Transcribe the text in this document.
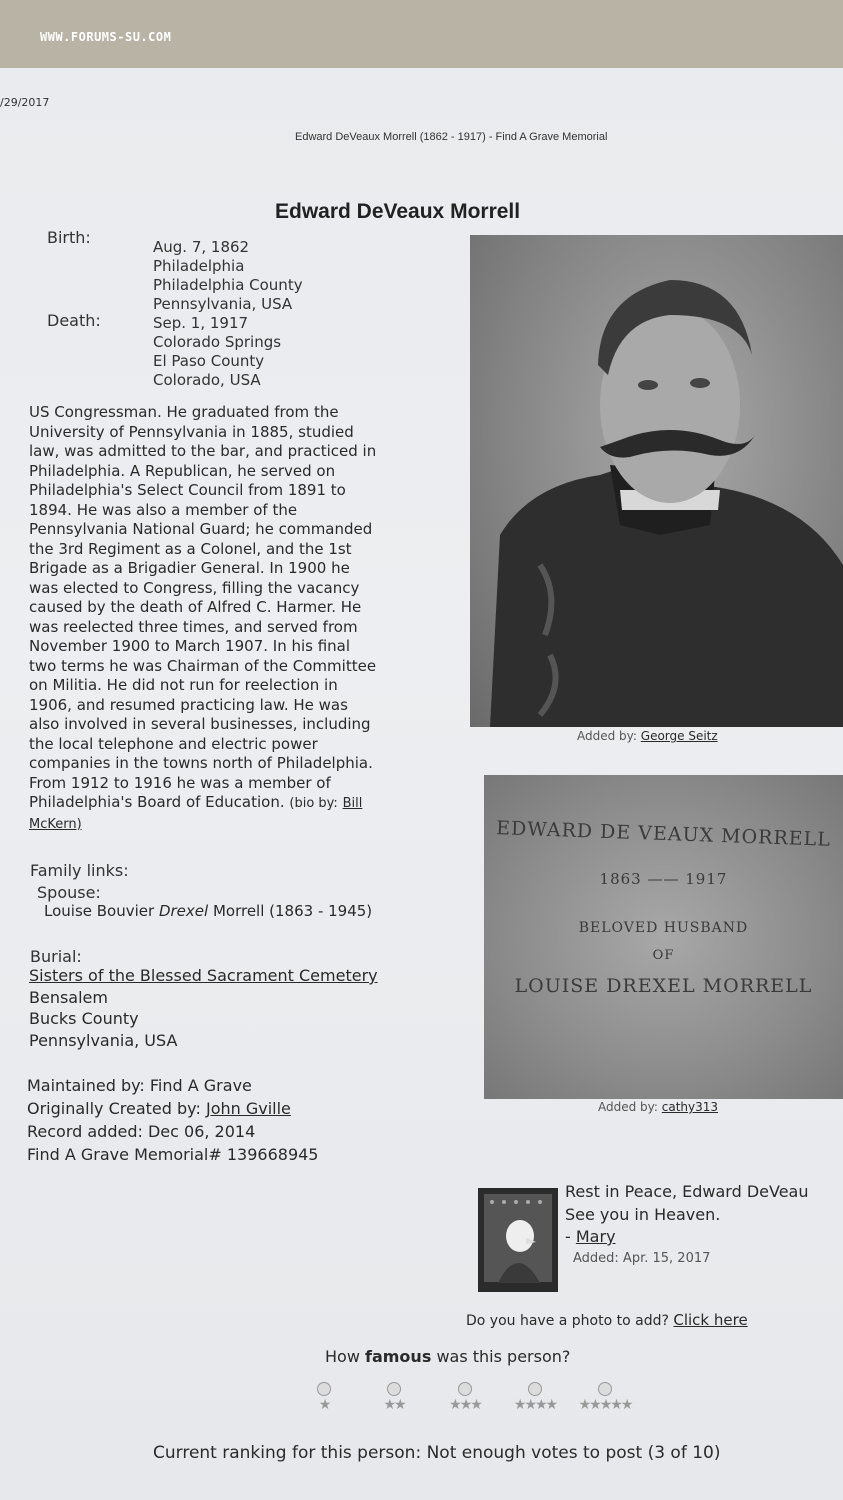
WWW.FORUMS-SU.COM
/29/2017
Edward DeVeaux Morrell (1862 - 1917) - Find A Grave Memorial
Edward DeVeaux Morrell
Birth:	Aug. 7, 1862
Philadelphia
Philadelphia County
Pennsylvania, USA
Death:	Sep. 1, 1917
Colorado Springs
El Paso County
Colorado, USA
US Congressman. He graduated from the
University of Pennsylvania in 1885, studied
law, was admitted to the bar, and practiced in
Philadelphia. A Republican, he served on
Philadelphia's Select Council from 1891 to
1894. He was also a member of the
Pennsylvania National Guard; he commanded
the 3rd Regiment as a Colonel, and the 1st
Brigade as a Brigadier General. In 1900 he
was elected to Congress, filling the vacancy
caused by the death of Alfred C. Harmer. He
was reelected three times, and served from
November 1900 to March 1907. In his final
two terms he was Chairman of the Committee
on Militia. He did not run for reelection in
1906, and resumed practicing law. He was
also involved in several businesses, including
the local telephone and electric power
companies in the towns north of Philadelphia.
From 1912 to 1916 he was a member of
Philadelphia's Board of Education. (bio by: Bill
McKern)
Family links:
Spouse:
Louise Bouvier Drexel Morrell (1863 - 1945)
Burial:
Sisters of the Blessed Sacrament Cemetery
Bensalem
Bucks County
Pennsylvania, USA
Maintained by: Find A Grave
Originally Created by: John Gville
Record added: Dec 06, 2014
Find A Grave Memorial# 139668945
Added by: George Seitz
EDWARD DE VEAUX MORRELL
1863 —— 1917
BELOVED HUSBAND
OF
LOUISE DREXEL MORRELL
Added by: cathy313
Rest in Peace, Edward DeVeau
See you in Heaven.
- Mary
Added: Apr. 15, 2017
Do you have a photo to add? Click here
How famous was this person?
★	★★	★★★	★★★★	★★★★★
Current ranking for this person: Not enough votes to post (3 of 10)
